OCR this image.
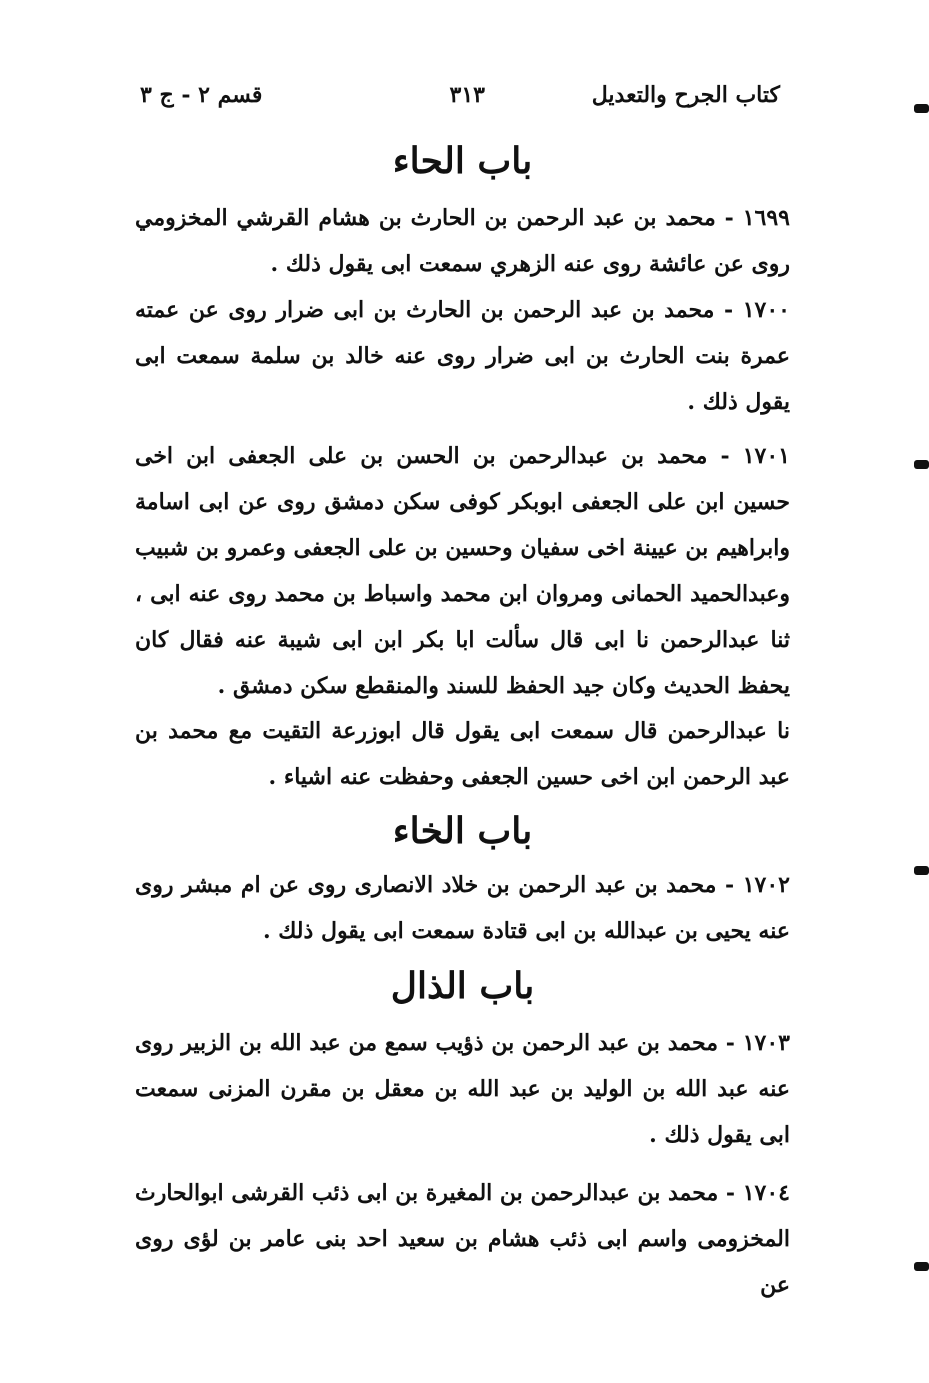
كتاب الجرح والتعديل
٣١٣
قسم ٢ - ج ٣
باب الحاء
١٦٩٩ - محمد بن عبد الرحمن بن الحارث بن هشام القرشي المخزومي روى عن عائشة روى عنه الزهري سمعت ابى يقول ذلك .
١٧٠٠ - محمد بن عبد الرحمن بن الحارث بن ابى ضرار روى عن عمته عمرة بنت الحارث بن ابى ضرار روى عنه خالد بن سلمة سمعت ابى يقول ذلك .
١٧٠١ - محمد بن عبدالرحمن بن الحسن بن على الجعفى ابن اخى حسين ابن على الجعفى ابوبكر كوفى سكن دمشق روى عن ابى اسامة وابراهيم بن عيينة اخى سفيان وحسين بن على الجعفى وعمرو بن شبيب وعبدالحميد الحمانى ومروان ابن محمد واسباط بن محمد روى عنه ابى ، ثنا عبدالرحمن نا ابى قال سألت ابا بكر ابن ابى شيبة عنه فقال كان يحفظ الحديث وكان جيد الحفظ للسند والمنقطع سكن دمشق .
نا عبدالرحمن قال سمعت ابى يقول قال ابوزرعة التقيت مع محمد بن عبد الرحمن ابن اخى حسين الجعفى وحفظت عنه اشياء .
باب الخاء
١٧٠٢ - محمد بن عبد الرحمن بن خلاد الانصارى روى عن ام مبشر روى عنه يحيى بن عبدالله بن ابى قتادة سمعت ابى يقول ذلك .
باب الذال
١٧٠٣ - محمد بن عبد الرحمن بن ذؤيب سمع من عبد الله بن الزبير روى عنه عبد الله بن الوليد بن عبد الله بن معقل بن مقرن المزنى سمعت ابى يقول ذلك .
١٧٠٤ - محمد بن عبدالرحمن بن المغيرة بن ابى ذئب القرشى ابوالحارث المخزومى واسم ابى ذئب هشام بن سعيد احد بنى عامر بن لؤى روى عن
